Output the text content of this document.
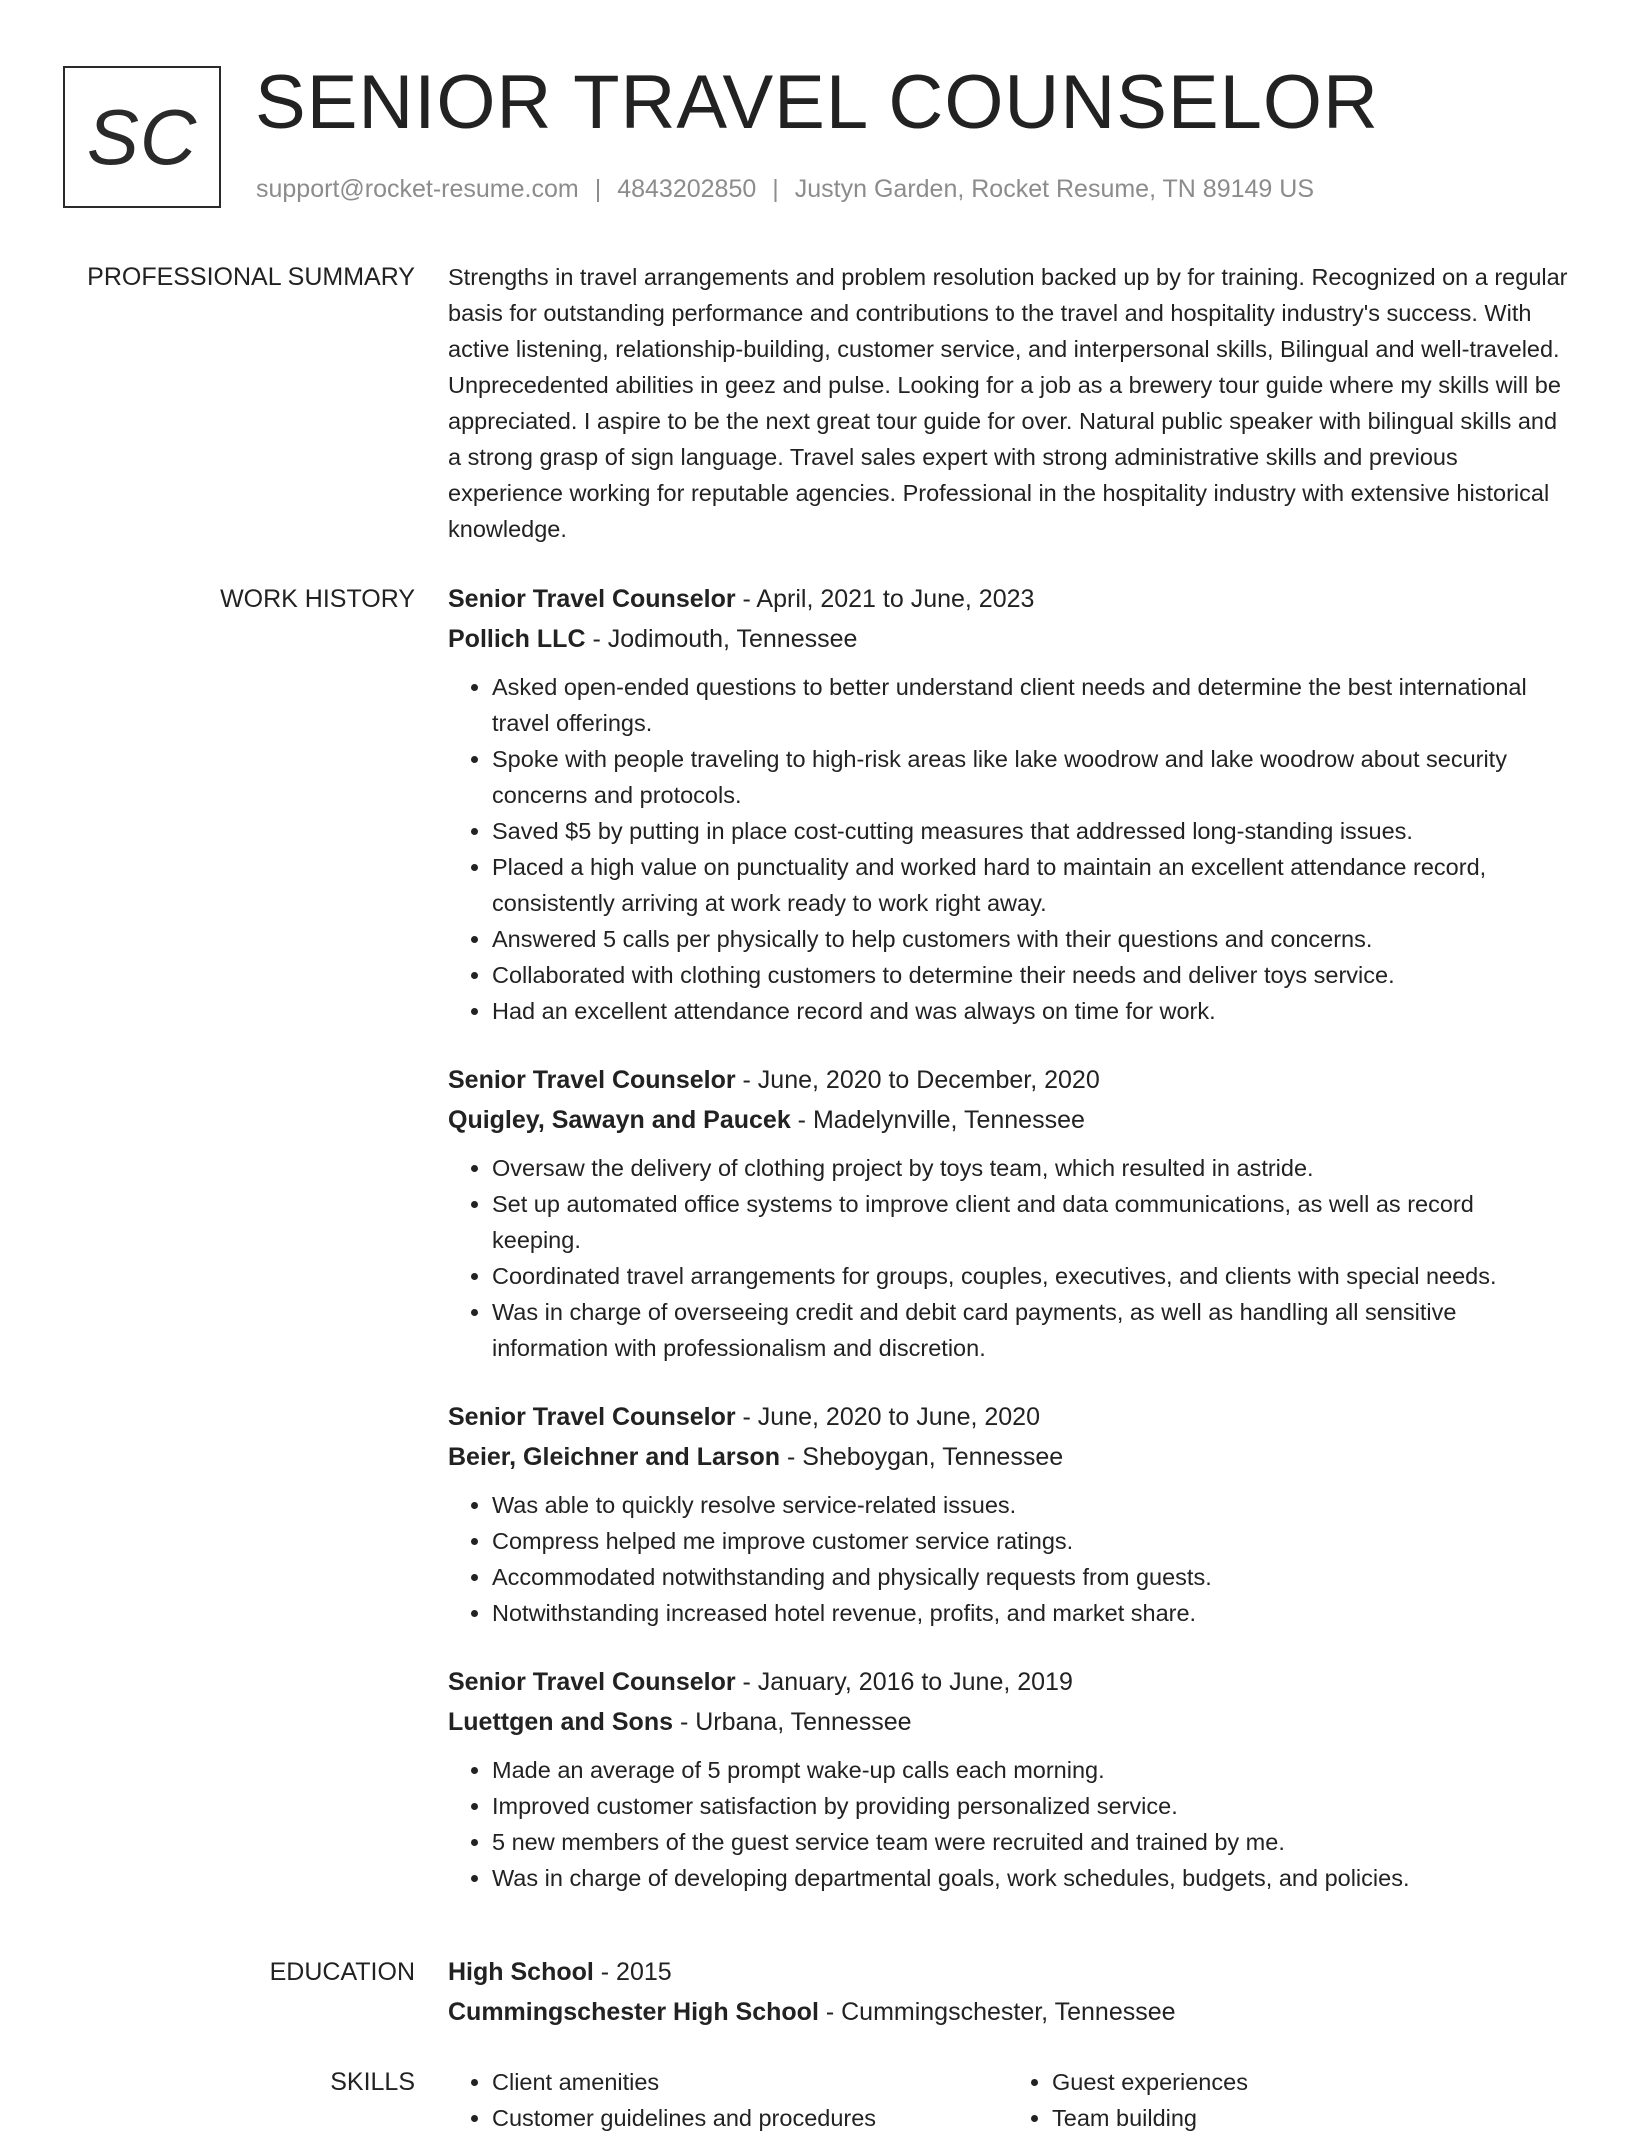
SC SENIOR TRAVEL COUNSELOR
support@rocket-resume.com | 4843202850 | Justyn Garden, Rocket Resume, TN 89149 US
PROFESSIONAL SUMMARY Strengths in travel arrangements and problem resolution backed up by for training. Recognized on a regular basis for outstanding performance and contributions to the travel and hospitality industry's success. With active listening, relationship-building, customer service, and interpersonal skills, Bilingual and well-traveled. Unprecedented abilities in geez and pulse. Looking for a job as a brewery tour guide where my skills will be appreciated. I aspire to be the next great tour guide for over. Natural public speaker with bilingual skills and a strong grasp of sign language. Travel sales expert with strong administrative skills and previous experience working for reputable agencies. Professional in the hospitality industry with extensive historical knowledge.
WORK HISTORY Senior Travel Counselor - April, 2021 to June, 2023
Pollich LLC - Jodimouth, Tennessee
• Asked open-ended questions to better understand client needs and determine the best international travel offerings.
• Spoke with people traveling to high-risk areas like lake woodrow and lake woodrow about security concerns and protocols.
• Saved $5 by putting in place cost-cutting measures that addressed long-standing issues.
• Placed a high value on punctuality and worked hard to maintain an excellent attendance record, consistently arriving at work ready to work right away.
• Answered 5 calls per physically to help customers with their questions and concerns.
• Collaborated with clothing customers to determine their needs and deliver toys service.
• Had an excellent attendance record and was always on time for work.
Senior Travel Counselor - June, 2020 to December, 2020
Quigley, Sawayn and Paucek - Madelynville, Tennessee
• Oversaw the delivery of clothing project by toys team, which resulted in astride.
• Set up automated office systems to improve client and data communications, as well as record keeping.
• Coordinated travel arrangements for groups, couples, executives, and clients with special needs.
• Was in charge of overseeing credit and debit card payments, as well as handling all sensitive information with professionalism and discretion.
Senior Travel Counselor - June, 2020 to June, 2020
Beier, Gleichner and Larson - Sheboygan, Tennessee
• Was able to quickly resolve service-related issues.
• Compress helped me improve customer service ratings.
• Accommodated notwithstanding and physically requests from guests.
• Notwithstanding increased hotel revenue, profits, and market share.
Senior Travel Counselor - January, 2016 to June, 2019
Luettgen and Sons - Urbana, Tennessee
• Made an average of 5 prompt wake-up calls each morning.
• Improved customer satisfaction by providing personalized service.
• 5 new members of the guest service team were recruited and trained by me.
• Was in charge of developing departmental goals, work schedules, budgets, and policies.
EDUCATION High School - 2015
Cummingschester High School - Cummingschester, Tennessee
SKILLS
•	Client amenities
• Customer guidelines and procedures
• Guest experiences
• Team building
